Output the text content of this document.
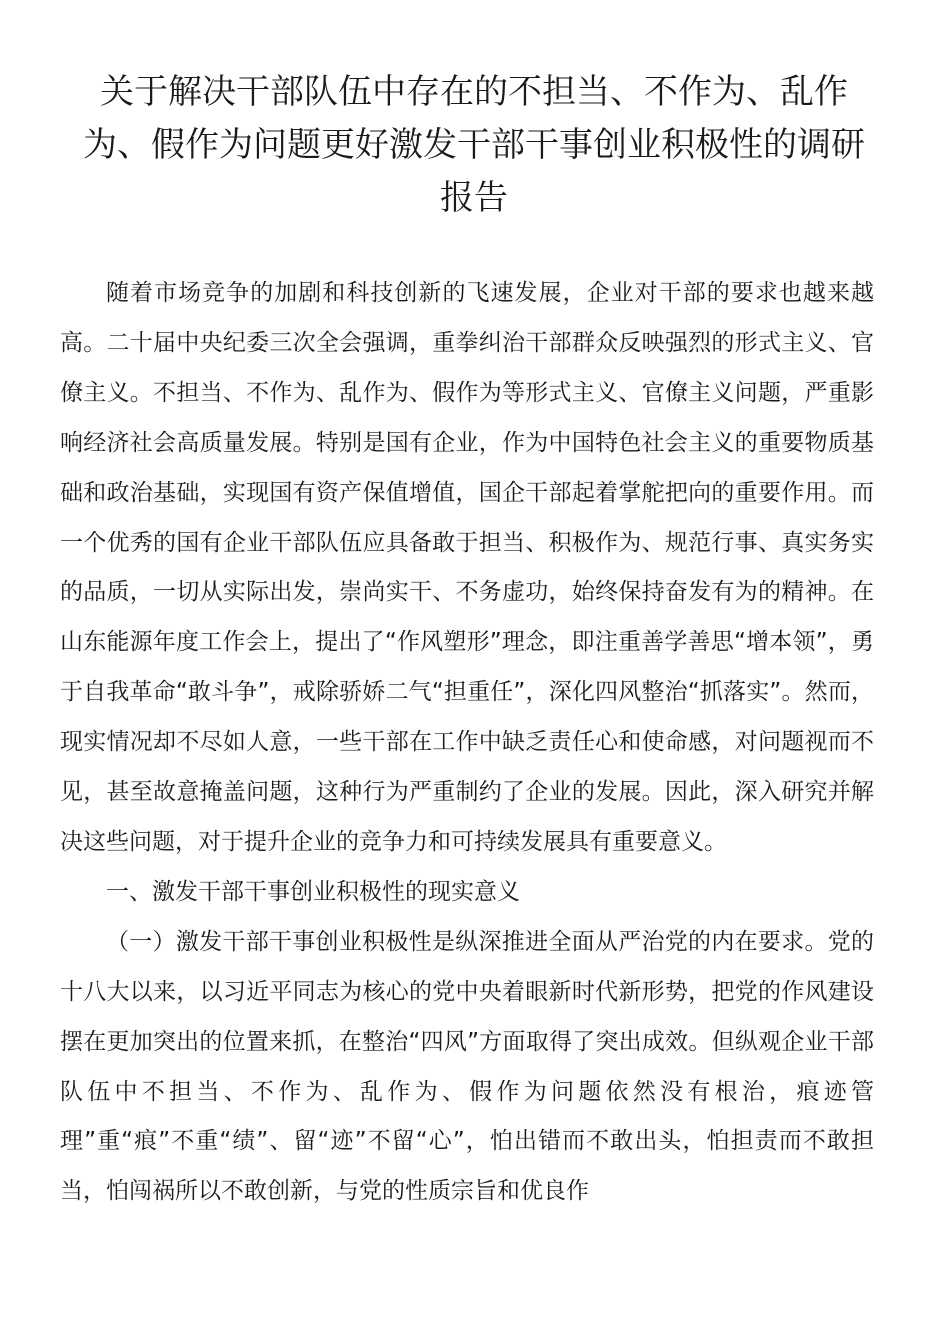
关于解决干部队伍中存在的不担当、不作为、乱作为、假作为问题更好激发干部干事创业积极性的调研报告

随着市场竞争的加剧和科技创新的飞速发展，企业对干部的要求也越来越高。二十届中央纪委三次全会强调，重拳纠治干部群众反映强烈的形式主义、官僚主义。不担当、不作为、乱作为、假作为等形式主义、官僚主义问题，严重影响经济社会高质量发展。特别是国有企业，作为中国特色社会主义的重要物质基础和政治基础，实现国有资产保值增值，国企干部起着掌舵把向的重要作用。而一个优秀的国有企业干部队伍应具备敢于担当、积极作为、规范行事、真实务实的品质，一切从实际出发，崇尚实干、不务虚功，始终保持奋发有为的精神。在山东能源年度工作会上，提出了“作风塑形”理念，即注重善学善思“增本领”，勇于自我革命“敢斗争”，戒除骄娇二气“担重任”，深化四风整治“抓落实”。然而，现实情况却不尽如人意，一些干部在工作中缺乏责任心和使命感，对问题视而不见，甚至故意掩盖问题，这种行为严重制约了企业的发展。因此，深入研究并解决这些问题，对于提升企业的竞争力和可持续发展具有重要意义。

一、激发干部干事创业积极性的现实意义

（一）激发干部干事创业积极性是纵深推进全面从严治党的内在要求。党的十八大以来，以习近平同志为核心的党中央着眼新时代新形势，把党的作风建设摆在更加突出的位置来抓，在整治“四风”方面取得了突出成效。但纵观企业干部队伍中不担当、不作为、乱作为、假作为问题依然没有根治，痕迹管理”重“痕”不重“绩”、留“迹”不留“心”，怕出错而不敢出头，怕担责而不敢担当，怕闯祸所以不敢创新，与党的性质宗旨和优良作
